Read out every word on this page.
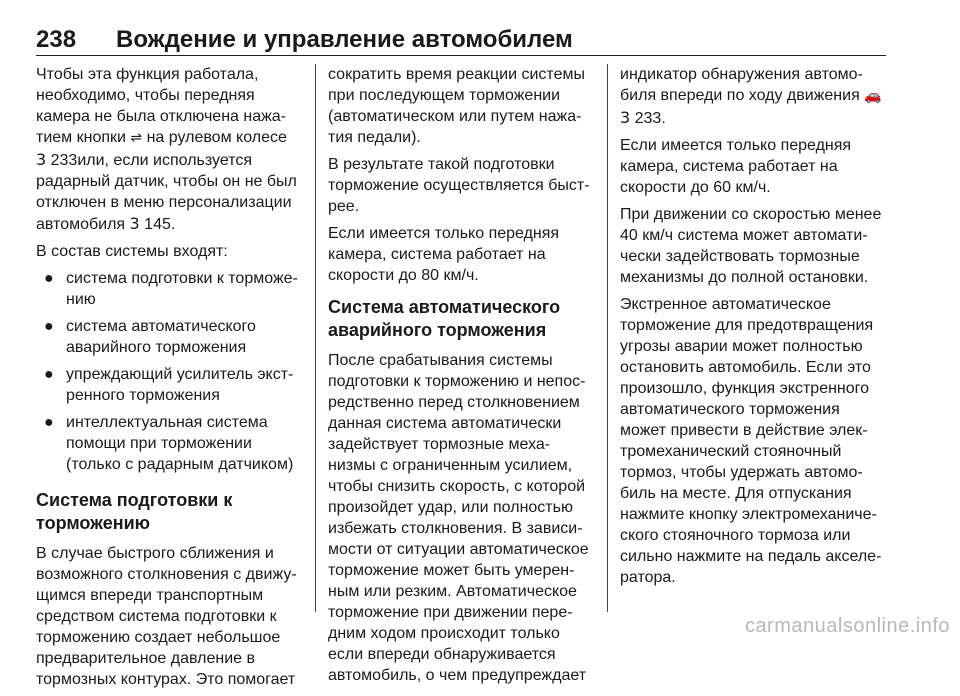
238 Вождение и управление автомобилем
Чтобы эта функция работала,
необходимо, чтобы передняя
камера не была отключена нажа-
тием кнопки ⇌ на рулевом колесе
3 233или, если используется
радарный датчик, чтобы он не был
отключен в меню персонализации
автомобиля 3 145.
В состав системы входят:
● система подготовки к торможе-
нию
● система автоматического
аварийного торможения
● упреждающий усилитель экст-
ренного торможения
● интеллектуальная система
помощи при торможении
(только с радарным датчиком)
Система подготовки к
торможению
В случае быстрого сближения и
возможного столкновения с движу-
щимся впереди транспортным
средством система подготовки к
торможению создает небольшое
предварительное давление в
тормозных контурах. Это помогает
сократить время реакции системы
при последующем торможении
(автоматическом или путем нажа-
тия педали).
В результате такой подготовки
торможение осуществляется быст-
рее.
Если имеется только передняя
камера, система работает на
скорости до 80 км/ч.
Система автоматического
аварийного торможения
После срабатывания системы
подготовки к торможению и непос-
редственно перед столкновением
данная система автоматически
задействует тормозные меха-
низмы с ограниченным усилием,
чтобы снизить скорость, с которой
произойдет удар, или полностью
избежать столкновения. В зависи-
мости от ситуации автоматическое
торможение может быть умерен-
ным или резким. Автоматическое
торможение при движении пере-
дним ходом происходит только
если впереди обнаруживается
автомобиль, о чем предупреждает
индикатор обнаружения автомо-
биля впереди по ходу движения 🚗
3 233.
Если имеется только передняя
камера, система работает на
скорости до 60 км/ч.
При движении со скоростью менее
40 км/ч система может автомати-
чески задействовать тормозные
механизмы до полной остановки.
Экстренное автоматическое
торможение для предотвращения
угрозы аварии может полностью
остановить автомобиль. Если это
произошло, функция экстренного
автоматического торможения
может привести в действие элек-
тромеханический стояночный
тормоз, чтобы удержать автомо-
биль на месте. Для отпускания
нажмите кнопку электромеханиче-
ского стояночного тормоза или
сильно нажмите на педаль акселе-
ратора.
carmanualsonline.info
